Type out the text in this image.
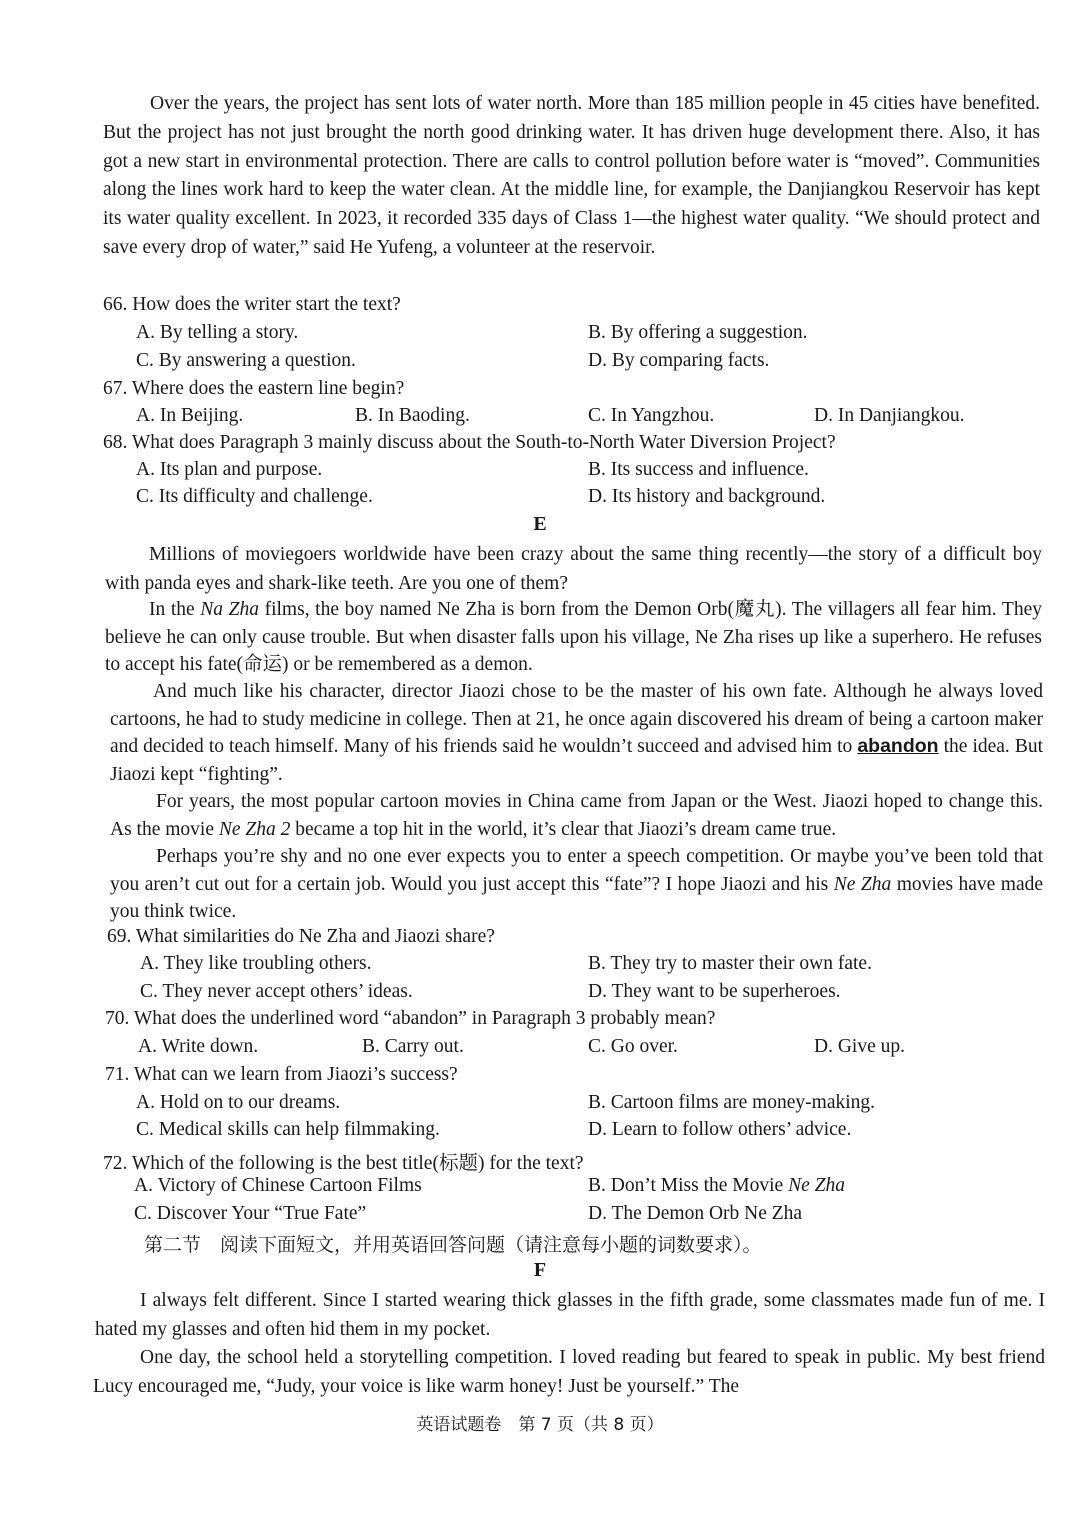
Over the years, the project has sent lots of water north. More than 185 million people in 45 cities have benefited. But the project has not just brought the north good drinking water. It has driven huge development there. Also, it has got a new start in environmental protection. There are calls to control pollution before water is “moved”. Communities along the lines work hard to keep the water clean. At the middle line, for example, the Danjiangkou Reservoir has kept its water quality excellent. In 2023, it recorded 335 days of Class 1—the highest water quality. “We should protect and save every drop of water,” said He Yufeng, a volunteer at the reservoir.

66. How does the writer start the text?
A. By telling a story.	B. By offering a suggestion.
C. By answering a question.	D. By comparing facts.
67. Where does the eastern line begin?
A. In Beijing.	B. In Baoding.	C. In Yangzhou.	D. In Danjiangkou.
68. What does Paragraph 3 mainly discuss about the South-to-North Water Diversion Project?
A. Its plan and purpose.	B. Its success and influence.
C. Its difficulty and challenge.	D. Its history and background.
E

Millions of moviegoers worldwide have been crazy about the same thing recently—the story of a difficult boy with panda eyes and shark-like teeth. Are you one of them?

In the Na Zha films, the boy named Ne Zha is born from the Demon Orb(魔丸). The villagers all fear him. They believe he can only cause trouble. But when disaster falls upon his village, Ne Zha rises up like a superhero. He refuses to accept his fate(命运) or be remembered as a demon.

And much like his character, director Jiaozi chose to be the master of his own fate. Although he always loved cartoons, he had to study medicine in college. Then at 21, he once again discovered his dream of being a cartoon maker and decided to teach himself. Many of his friends said he wouldn’t succeed and advised him to abandon the idea. But Jiaozi kept “fighting”.

For years, the most popular cartoon movies in China came from Japan or the West. Jiaozi hoped to change this. As the movie Ne Zha 2 became a top hit in the world, it’s clear that Jiaozi’s dream came true.

Perhaps you’re shy and no one ever expects you to enter a speech competition. Or maybe you’ve been told that you aren’t cut out for a certain job. Would you just accept this “fate”? I hope Jiaozi and his Ne Zha movies have made you think twice.

69. What similarities do Ne Zha and Jiaozi share?
A. They like troubling others.	B. They try to master their own fate.
C. They never accept others’ ideas.	D. They want to be superheroes.
70. What does the underlined word “abandon” in Paragraph 3 probably mean?
A. Write down.	B. Carry out.	C. Go over.	D. Give up.
71. What can we learn from Jiaozi’s success?
A. Hold on to our dreams.	B. Cartoon films are money-making.
C. Medical skills can help filmmaking.	D. Learn to follow others’ advice.
72. Which of the following is the best title(标题) for the text?
A. Victory of Chinese Cartoon Films	B. Don’t Miss the Movie Ne Zha
C. Discover Your “True Fate”	D. The Demon Orb Ne Zha
第二节　阅读下面短文，并用英语回答问题（请注意每小题的词数要求）。
F

I always felt different. Since I started wearing thick glasses in the fifth grade, some classmates made fun of me. I hated my glasses and often hid them in my pocket.

One day, the school held a storytelling competition. I loved reading but feared to speak in public. My best friend Lucy encouraged me, “Judy, your voice is like warm honey! Just be yourself.” The

英语试题卷　第 7 页（共 8 页）
